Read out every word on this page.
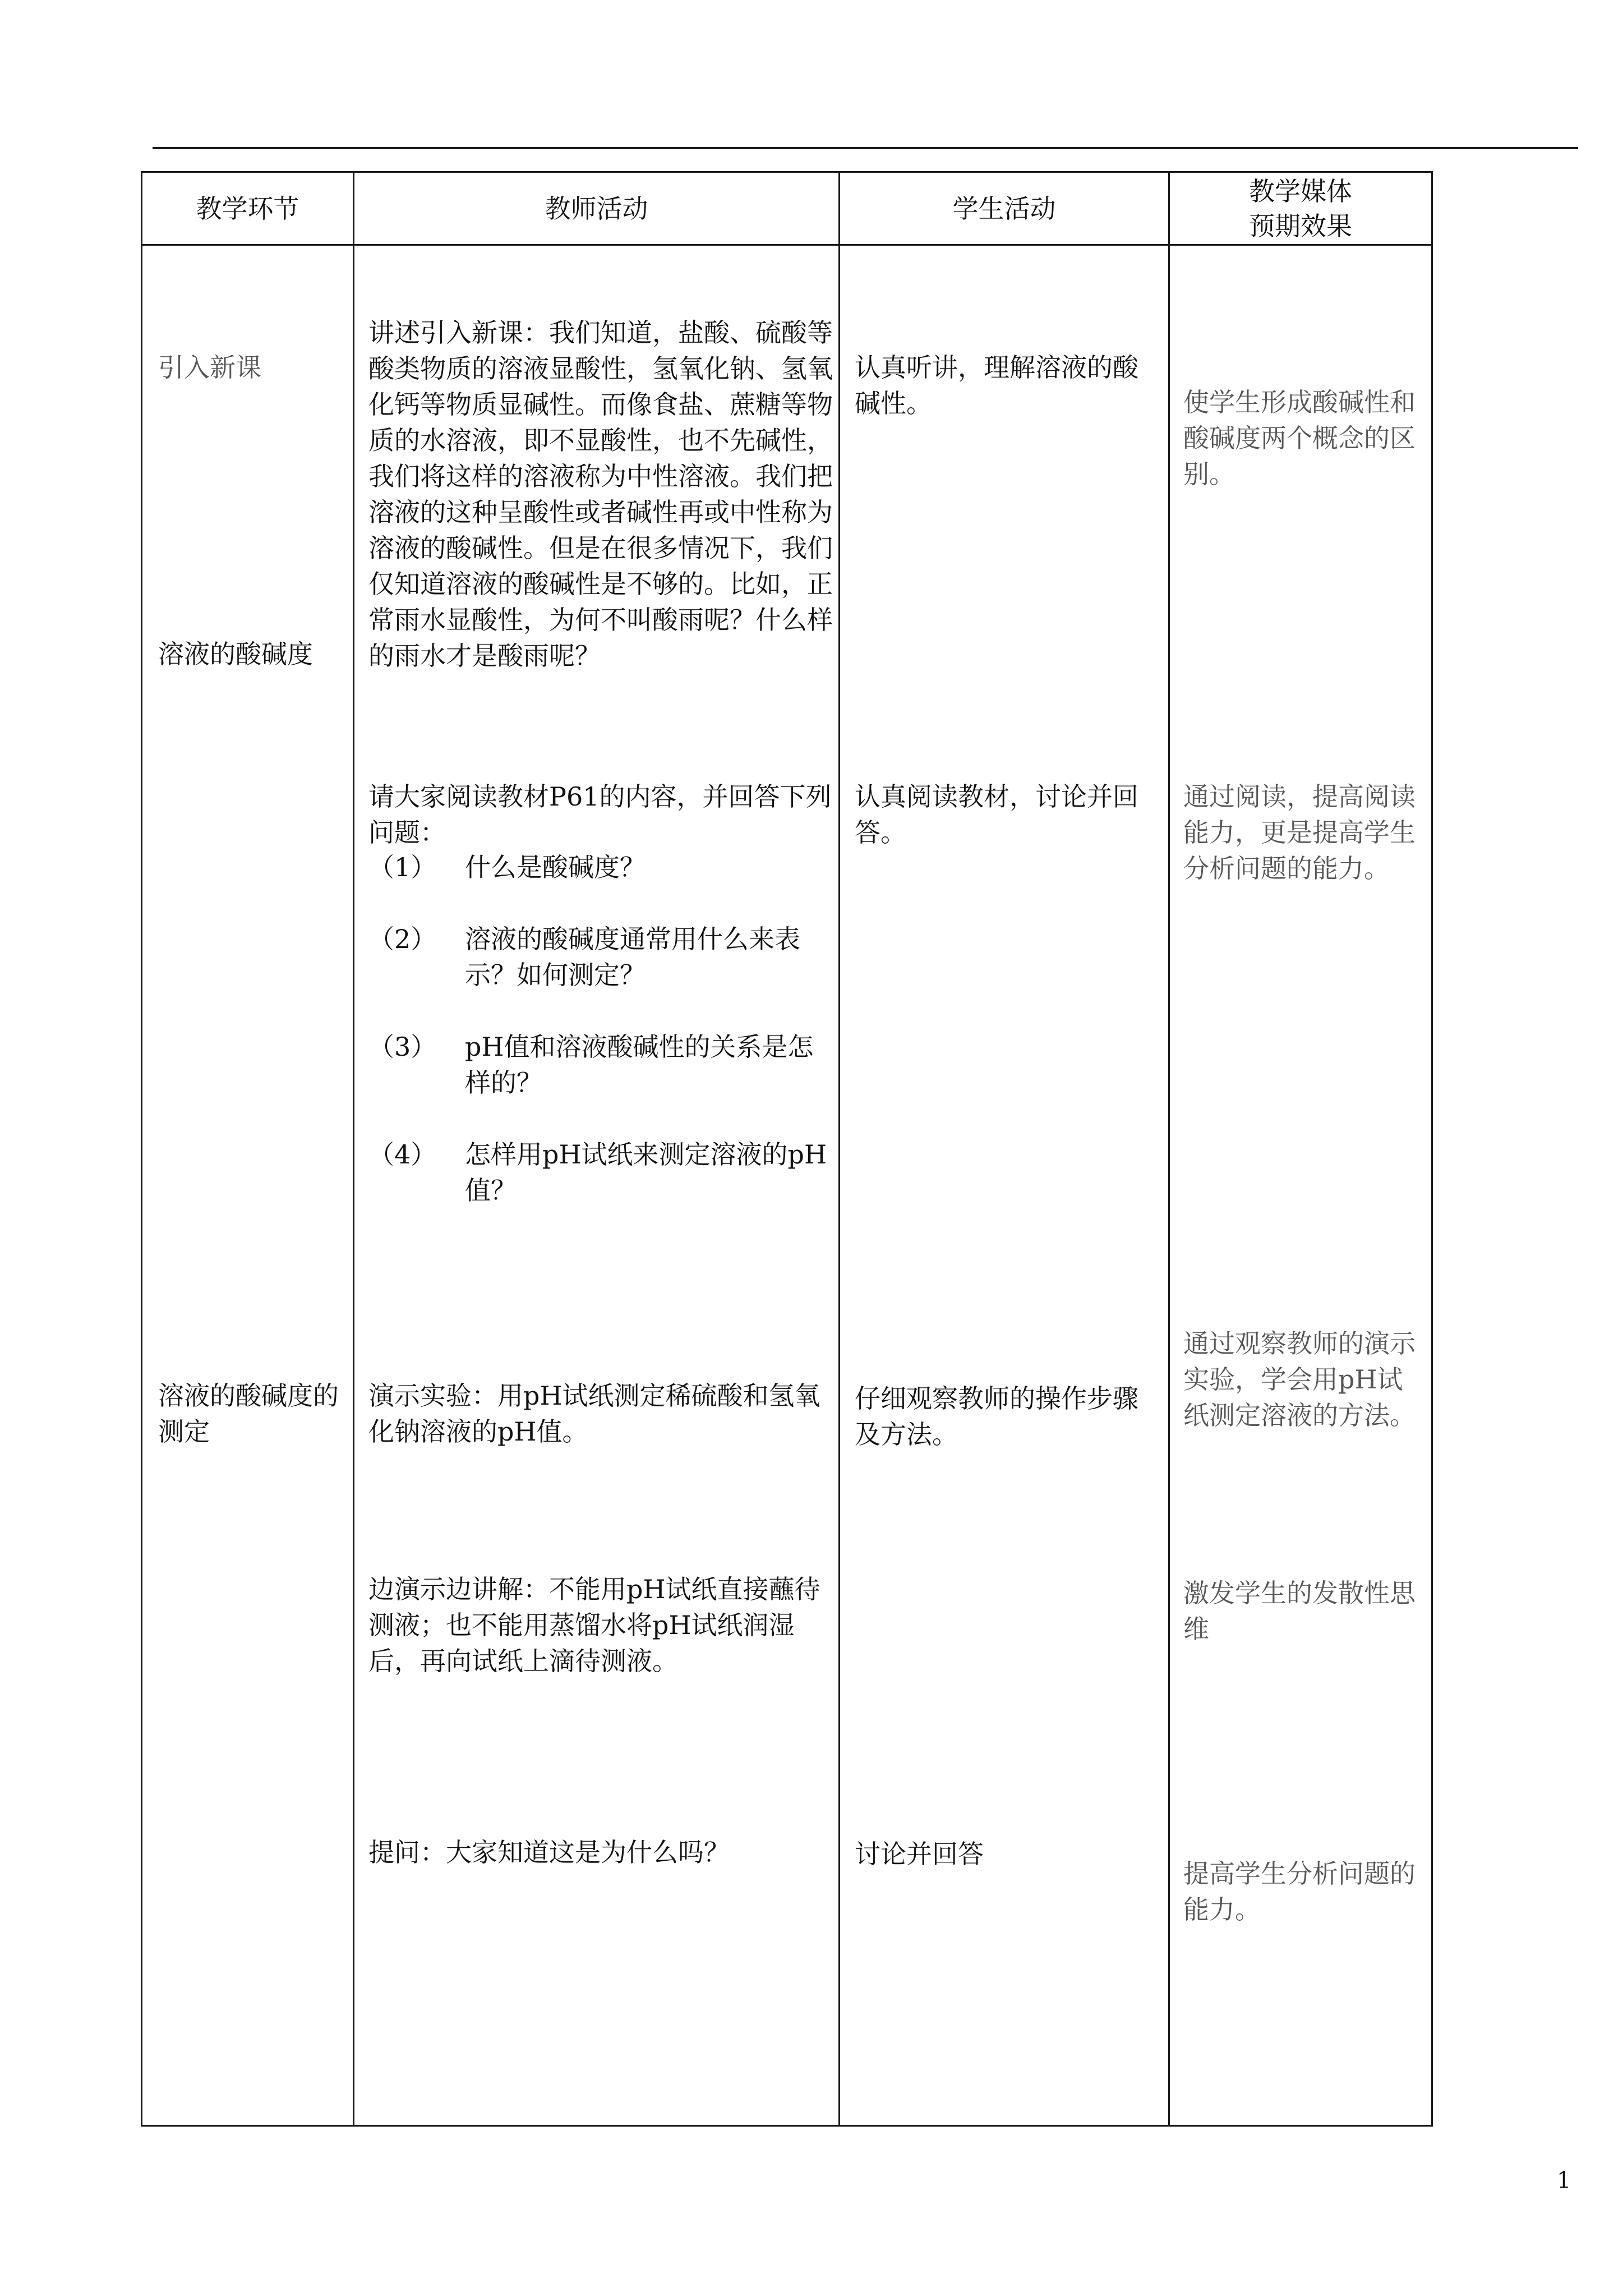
教学环节	教师活动	学生活动
教学媒体
预期效果

引入新课

溶液的酸碱度

溶液的酸碱度的测定

讲述引入新课：我们知道，盐酸、硫酸等酸类物质的溶液显酸性，氢氧化钠、氢氧化钙等物质显碱性。而像食盐、蔗糖等物质的水溶液，即不显酸性，也不先碱性，我们将这样的溶液称为中性溶液。我们把溶液的这种呈酸性或者碱性再或中性称为溶液的酸碱性。但是在很多情况下，我们仅知道溶液的酸碱性是不够的。比如，正常雨水显酸性，为何不叫酸雨呢？什么样的雨水才是酸雨呢？

请大家阅读教材P61的内容，并回答下列问题：

（1） 什么是酸碱度？
（2） 溶液的酸碱度通常用什么来表示？如何测定？
（3） pH值和溶液酸碱性的关系是怎样的？
（4） 怎样用pH试纸来测定溶液的pH值？

演示实验：用pH试纸测定稀硫酸和氢氧化钠溶液的pH值。

边演示边讲解：不能用pH试纸直接蘸待测液；也不能用蒸馏水将pH试纸润湿后，再向试纸上滴待测液。

提问：大家知道这是为什么吗？

认真听讲，理解溶液的酸碱性。

认真阅读教材，讨论并回答。

仔细观察教师的操作步骤及方法。

讨论并回答

使学生形成酸碱性和酸碱度两个概念的区别。

通过阅读，提高阅读能力，更是提高学生分析问题的能力。

通过观察教师的演示实验，学会用pH试纸测定溶液的方法。

激发学生的发散性思维

提高学生分析问题的能力。

1
